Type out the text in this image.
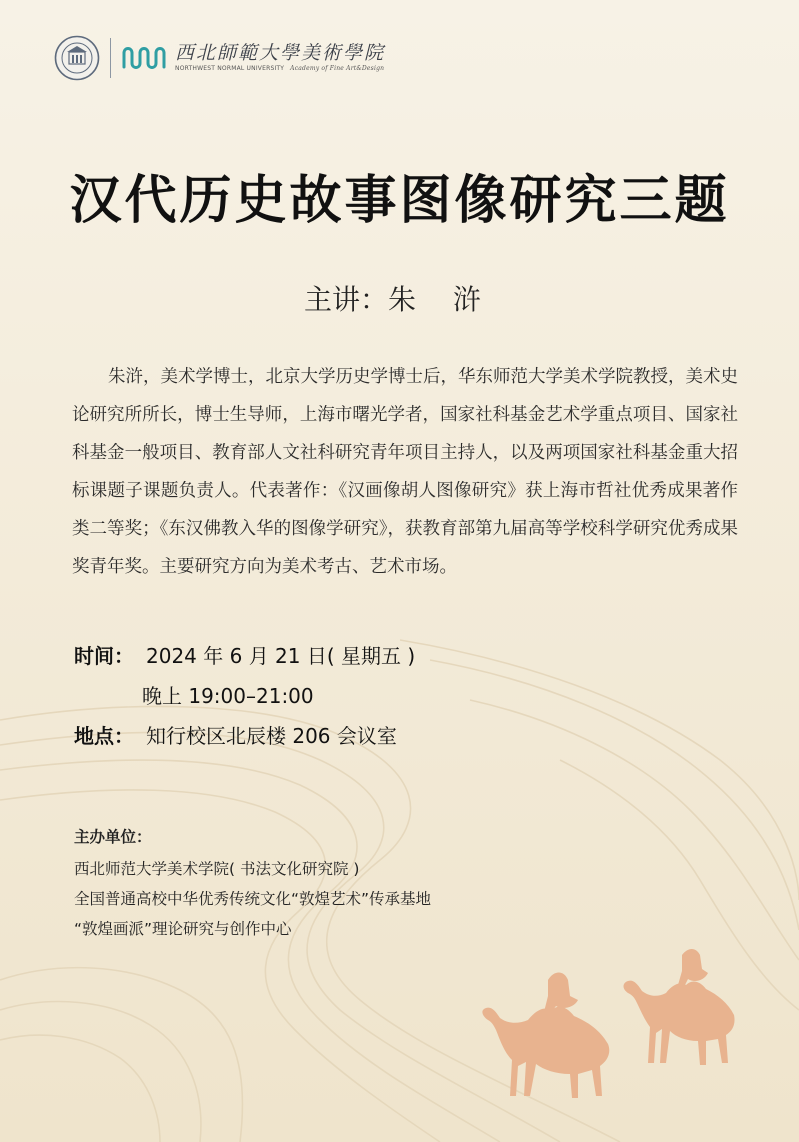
西北師範大學美術學院
NORTHWEST NORMAL UNIVERSITY Academy of Fine Art&Design
汉代历史故事图像研究三题
主讲：朱 浒
朱浒，美术学博士，北京大学历史学博士后，华东师范大学美术学院教授，美术史论研究所所长，博士生导师，上海市曙光学者，国家社科基金艺术学重点项目、国家社科基金一般项目、教育部人文社科研究青年项目主持人，以及两项国家社科基金重大招标课题子课题负责人。代表著作：《汉画像胡人图像研究》获上海市哲社优秀成果著作类二等奖；《东汉佛教入华的图像学研究》，获教育部第九届高等学校科学研究优秀成果奖青年奖。主要研究方向为美术考古、艺术市场。
时间： 2024 年 6 月 21 日( 星期五 )
晚上 19:00–21:00
地点： 知行校区北辰楼 206 会议室
主办单位：
西北师范大学美术学院( 书法文化研究院 )
全国普通高校中华优秀传统文化“敦煌艺术”传承基地
“敦煌画派”理论研究与创作中心
